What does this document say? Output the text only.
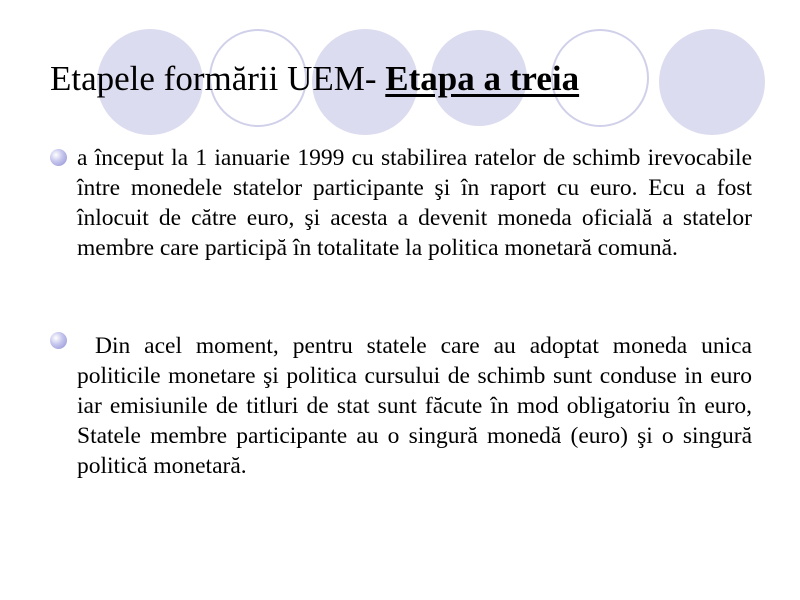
Etapele formării UEM- Etapa a treia
a început la 1 ianuarie 1999 cu stabilirea ratelor de schimb irevocabile între monedele statelor participante şi în raport cu euro. Ecu a fost înlocuit de către euro, şi acesta a devenit moneda oficială a statelor membre care participă în totalitate la politica monetară comună.
Din acel moment, pentru statele care au adoptat moneda unica politicile monetare şi politica cursului de schimb sunt conduse in euro iar emisiunile de titluri de stat sunt făcute în mod obligatoriu în euro, Statele membre participante au o singură monedă (euro) şi o singură politică monetară.
